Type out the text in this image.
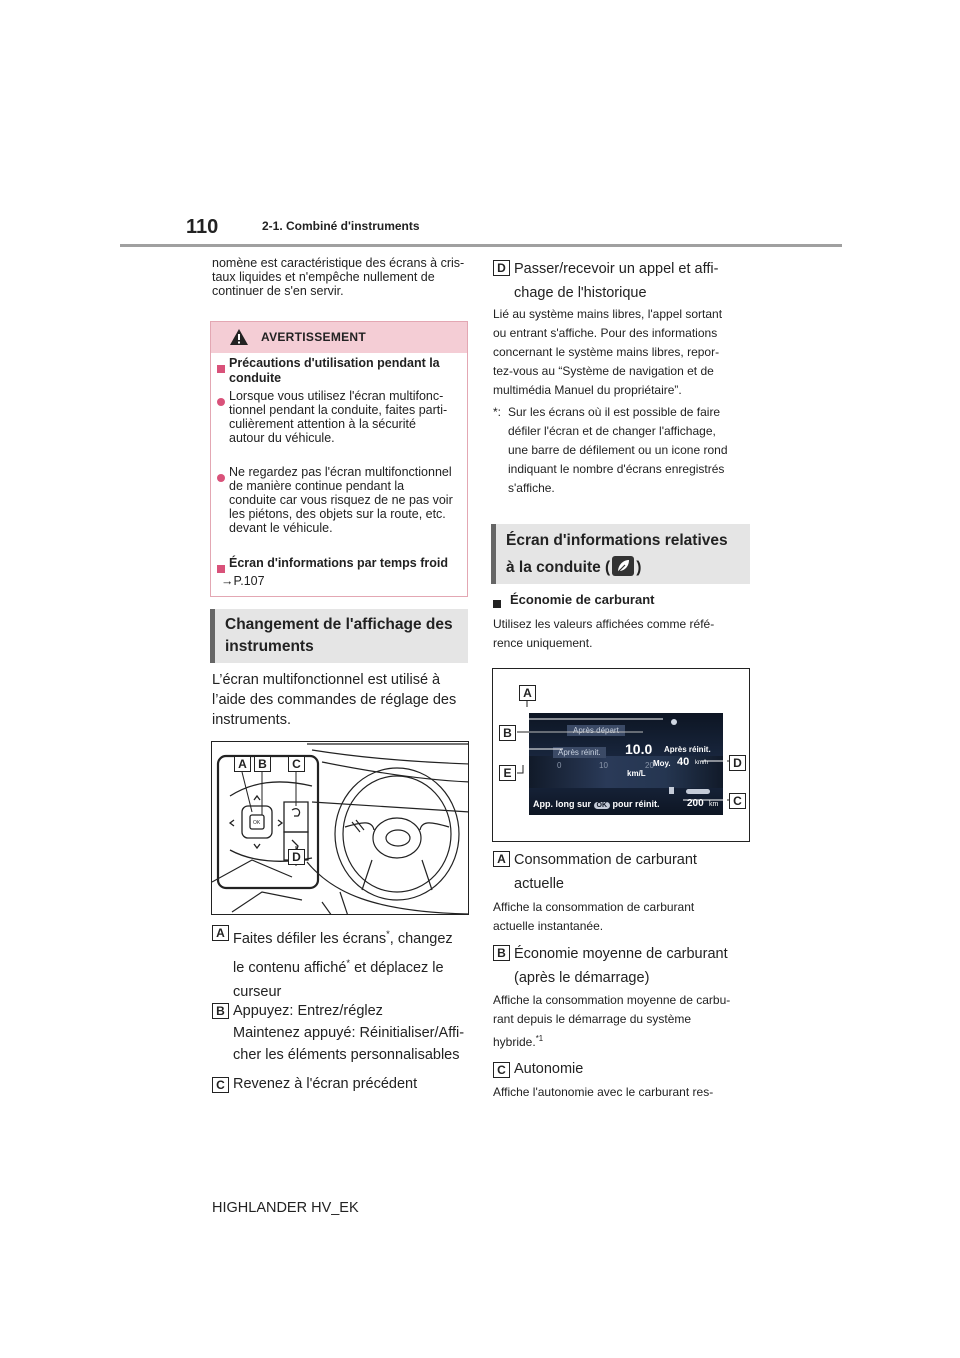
110	2-1. Combiné d'instruments
nomène est caractéristique des écrans à cris-
taux liquides et n'empêche nullement de
continuer de s'en servir.
AVERTISSEMENT
Précautions d'utilisation pendant la
conduite
Lorsque vous utilisez l'écran multifonc-
tionnel pendant la conduite, faites parti-
culièrement attention à la sécurité
autour du véhicule.
Ne regardez pas l'écran multifonctionnel
de manière continue pendant la
conduite car vous risquez de ne pas voir
les piétons, des objets sur la route, etc.
devant le véhicule.
Écran d'informations par temps froid
→P.107
Changement de l'affichage des
instruments
L’écran multifonctionnel est utilisé à
l’aide des commandes de réglage des
instruments.
OK
A B	C
D
A Faites défiler les écrans*, changez
le contenu affiché* et déplacez le
curseur
B Appuyez: Entrez/réglez
Maintenez appuyé: Réinitialiser/Affi-
cher les éléments personnalisables
C Revenez à l'écran précédent
D Passer/recevoir un appel et affi-
chage de l'historique
Lié au système mains libres, l'appel sortant
ou entrant s'affiche. Pour des informations
concernant le système mains libres, repor-
tez-vous au “Système de navigation et de
multimédia Manuel du propriétaire”.
*: Sur les écrans où il est possible de faire
défiler l'écran et de changer l'affichage,
une barre de défilement ou un icone rond
indiquant le nombre d'écrans enregistrés
s'affiche.
Écran d'informations relatives
à la conduite ( )
Économie de carburant
Utilisez les valeurs affichées comme réfé-
rence uniquement.
Après départ
Après réinit.	10.0
km/L
0	10	20
Après réinit.
Moy. 40 km/h
App. long sur OK pour réinit.	200 km
A
B
E
D
C
A Consommation de carburant
actuelle
Affiche la consommation de carburant
actuelle instantanée.
B Économie moyenne de carburant
(après le démarrage)
Affiche la consommation moyenne de carbu-
rant depuis le démarrage du système
hybride.$^{*1}$
C Autonomie
Affiche l'autonomie avec le carburant res-
HIGHLANDER HV_EK
